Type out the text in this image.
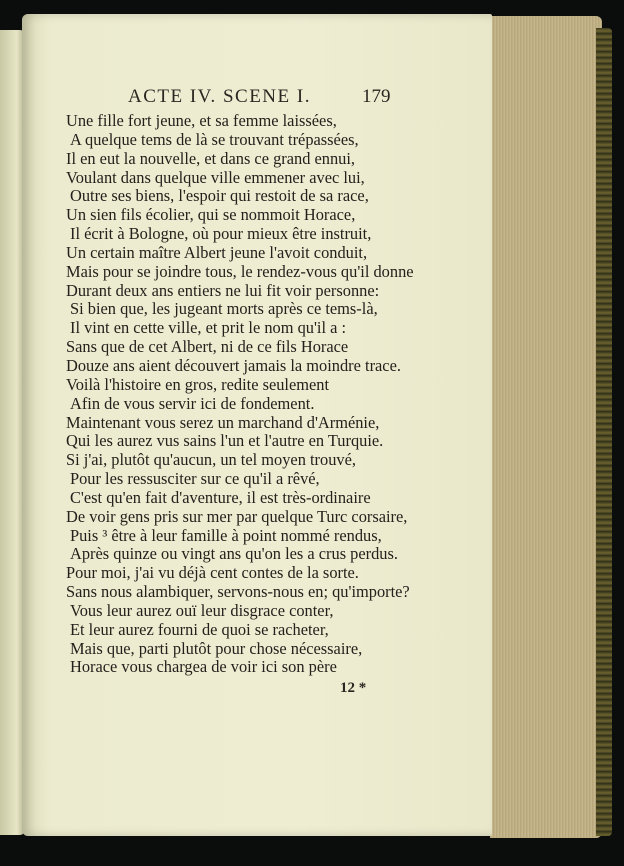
ACTE IV. SCENE I.	179
Une fille fort jeune, et sa femme laissées,
A quelque tems de là se trouvant trépassées,
Il en eut la nouvelle, et dans ce grand ennui,
Voulant dans quelque ville emmener avec lui,
Outre ses biens, l'espoir qui restoit de sa race,
Un sien fils écolier, qui se nommoit Horace,
Il écrit à Bologne, où pour mieux être instruit,
Un certain maître Albert jeune l'avoit conduit,
Mais pour se joindre tous, le rendez-vous qu'il donne
Durant deux ans entiers ne lui fit voir personne:
Si bien que, les jugeant morts après ce tems-là,
Il vint en cette ville, et prit le nom qu'il a :
Sans que de cet Albert, ni de ce fils Horace
Douze ans aient découvert jamais la moindre trace.
Voilà l'histoire en gros, redite seulement
Afin de vous servir ici de fondement.
Maintenant vous serez un marchand d'Arménie,
Qui les aurez vus sains l'un et l'autre en Turquie.
Si j'ai, plutôt qu'aucun, un tel moyen trouvé,
Pour les ressusciter sur ce qu'il a rêvé,
C'est qu'en fait d'aventure, il est très-ordinaire
De voir gens pris sur mer par quelque Turc corsaire,
Puis ³ être à leur famille à point nommé rendus,
Après quinze ou vingt ans qu'on les a crus perdus.
Pour moi, j'ai vu déjà cent contes de la sorte.
Sans nous alambiquer, servons-nous en; qu'importe?
Vous leur aurez ouï leur disgrace conter,
Et leur aurez fourni de quoi se racheter,
Mais que, parti plutôt pour chose nécessaire,
Horace vous chargea de voir ici son père
12 *
